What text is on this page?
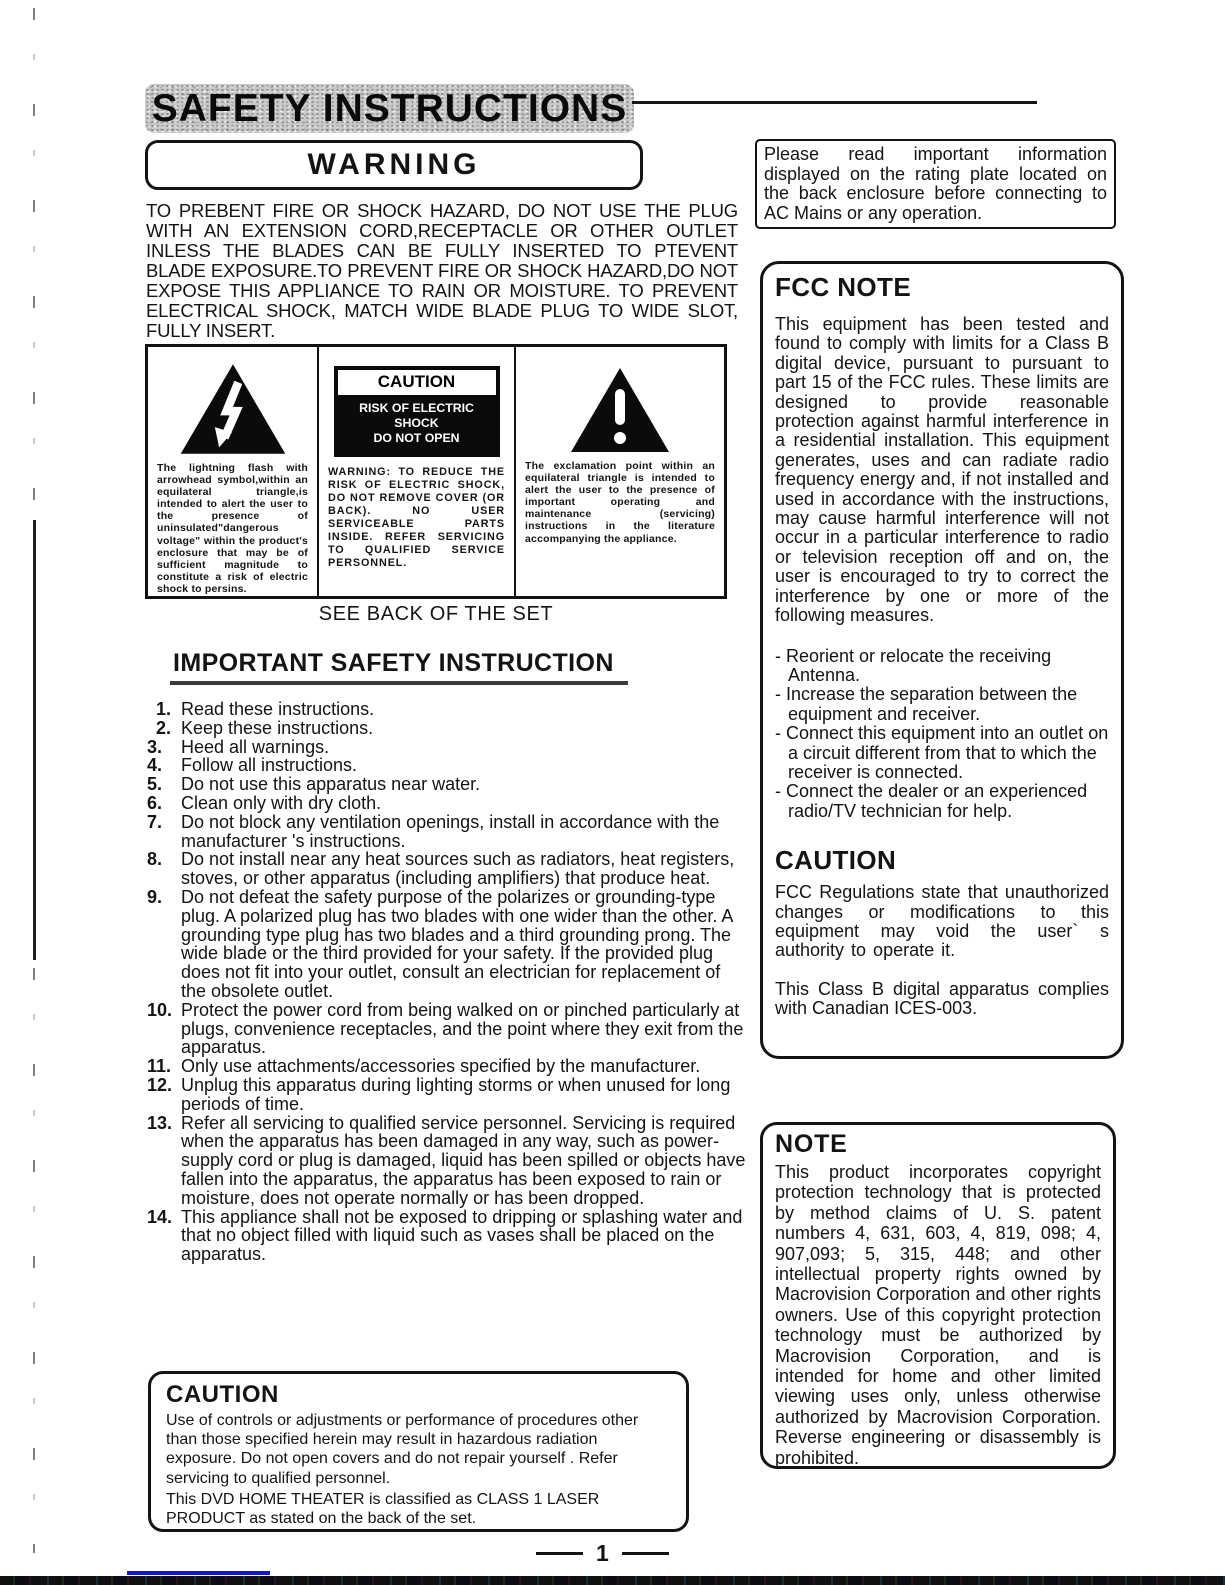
SAFETY INSTRUCTIONS
WARNING

TO PREBENT FIRE OR SHOCK HAZARD, DO NOT USE THE PLUG WITH AN EXTENSION CORD,RECEPTACLE OR OTHER OUTLET INLESS THE BLADES CAN BE FULLY INSERTED TO PTEVENT BLADE EXPOSURE.TO PREVENT FIRE OR SHOCK HAZARD,DO NOT EXPOSE THIS APPLIANCE TO RAIN OR MOISTURE. TO PREVENT ELECTRICAL SHOCK, MATCH WIDE BLADE PLUG TO WIDE SLOT, FULLY INSERT.

The lightning flash with arrowhead symbol,within an equilateral triangle,is intended to alert the user to the presence of uninsulated"dangerous voltage" within the product's enclosure that may be of sufficient magnitude to constitute a risk of electric shock to persins.

CAUTION
RISK OF ELECTRIC SHOCK
DO NOT OPEN

WARNING: TO REDUCE THE RISK OF ELECTRIC SHOCK, DO NOT REMOVE COVER (OR BACK). NO USER SERVICEABLE PARTS INSIDE. REFER SERVICING TO QUALIFIED SERVICE PERSONNEL.

The exclamation point within an equilateral triangle is intended to alert the user to the presence of important operating and maintenance (servicing) instructions in the literature accompanying the appliance.

SEE BACK OF THE SET
IMPORTANT SAFETY INSTRUCTION
1. Read these instructions.
2. Keep these instructions.
3.	Heed all warnings.
4.	Follow all instructions.
5.	Do not use this apparatus near water.
6.	Clean only with dry cloth.
7.	Do not block any ventilation openings, install in accordance with the manufacturer 's instructions.
8.	Do not install near any heat sources such as radiators, heat registers, stoves, or other apparatus (including amplifiers) that produce heat.
9.	Do not defeat the safety purpose of the polarizes or grounding-type plug. A polarized plug has two blades with one wider than the other. A grounding type plug has two blades and a third grounding prong. The wide blade or the third provided for your safety. If the provided plug does not fit into your outlet, consult an electrician for replacement of the obsolete outlet.
10. Protect the power cord from being walked on or pinched particularly at plugs, convenience receptacles, and the point where they exit from the apparatus.
11. Only use attachments/accessories specified by the manufacturer.
12. Unplug this apparatus during lighting storms or when unused for long periods of time.
13. Refer all servicing to qualified service personnel. Servicing is required when the apparatus has been damaged in any way, such as power-supply cord or plug is damaged, liquid has been spilled or objects have fallen into the apparatus, the apparatus has been exposed to rain or moisture, does not operate normally or has been dropped.
14. This appliance shall not be exposed to dripping or splashing water and that no object filled with liquid such as vases shall be placed on the apparatus.
CAUTION

Use of controls or adjustments or performance of procedures other than those specified herein may result in hazardous radiation exposure. Do not open covers and do not repair yourself . Refer servicing to qualified personnel.

This DVD HOME THEATER is classified as CLASS 1 LASER PRODUCT as stated on the back of the set.

1

Please read important information displayed on the rating plate located on the back enclosure before connecting to AC Mains or any operation.

FCC NOTE

This equipment has been tested and found to comply with limits for a Class B digital device, pursuant to pursuant to part 15 of the FCC rules. These limits are designed to provide reasonable protection against harmful interference in a residential installation. This equipment generates, uses and can radiate radio frequency energy and, if not installed and used in accordance with the instructions, may cause harmful interference will not occur in a particular interference to radio or television reception off and on, the user is encouraged to try to correct the interference by one or more of the following measures.

- Reorient or relocate the receiving Antenna.
- Increase the separation between the equipment and receiver.
- Connect this equipment into an outlet on a circuit different from that to which the receiver is connected.
- Connect the dealer or an experienced radio/TV technician for help.
CAUTION

FCC Regulations state that unauthorized changes or modifications to this equipment may void the user` s authority to operate it.

This Class B digital apparatus complies with Canadian ICES-003.

NOTE

This product incorporates copyright protection technology that is protected by method claims of U. S. patent numbers 4, 631, 603, 4, 819, 098; 4, 907,093; 5, 315, 448; and other intellectual property rights owned by Macrovision Corporation and other rights owners. Use of this copyright protection technology must be authorized by Macrovision Corporation, and is intended for home and other limited viewing uses only, unless otherwise authorized by Macrovision Corporation. Reverse engineering or disassembly is prohibited.
